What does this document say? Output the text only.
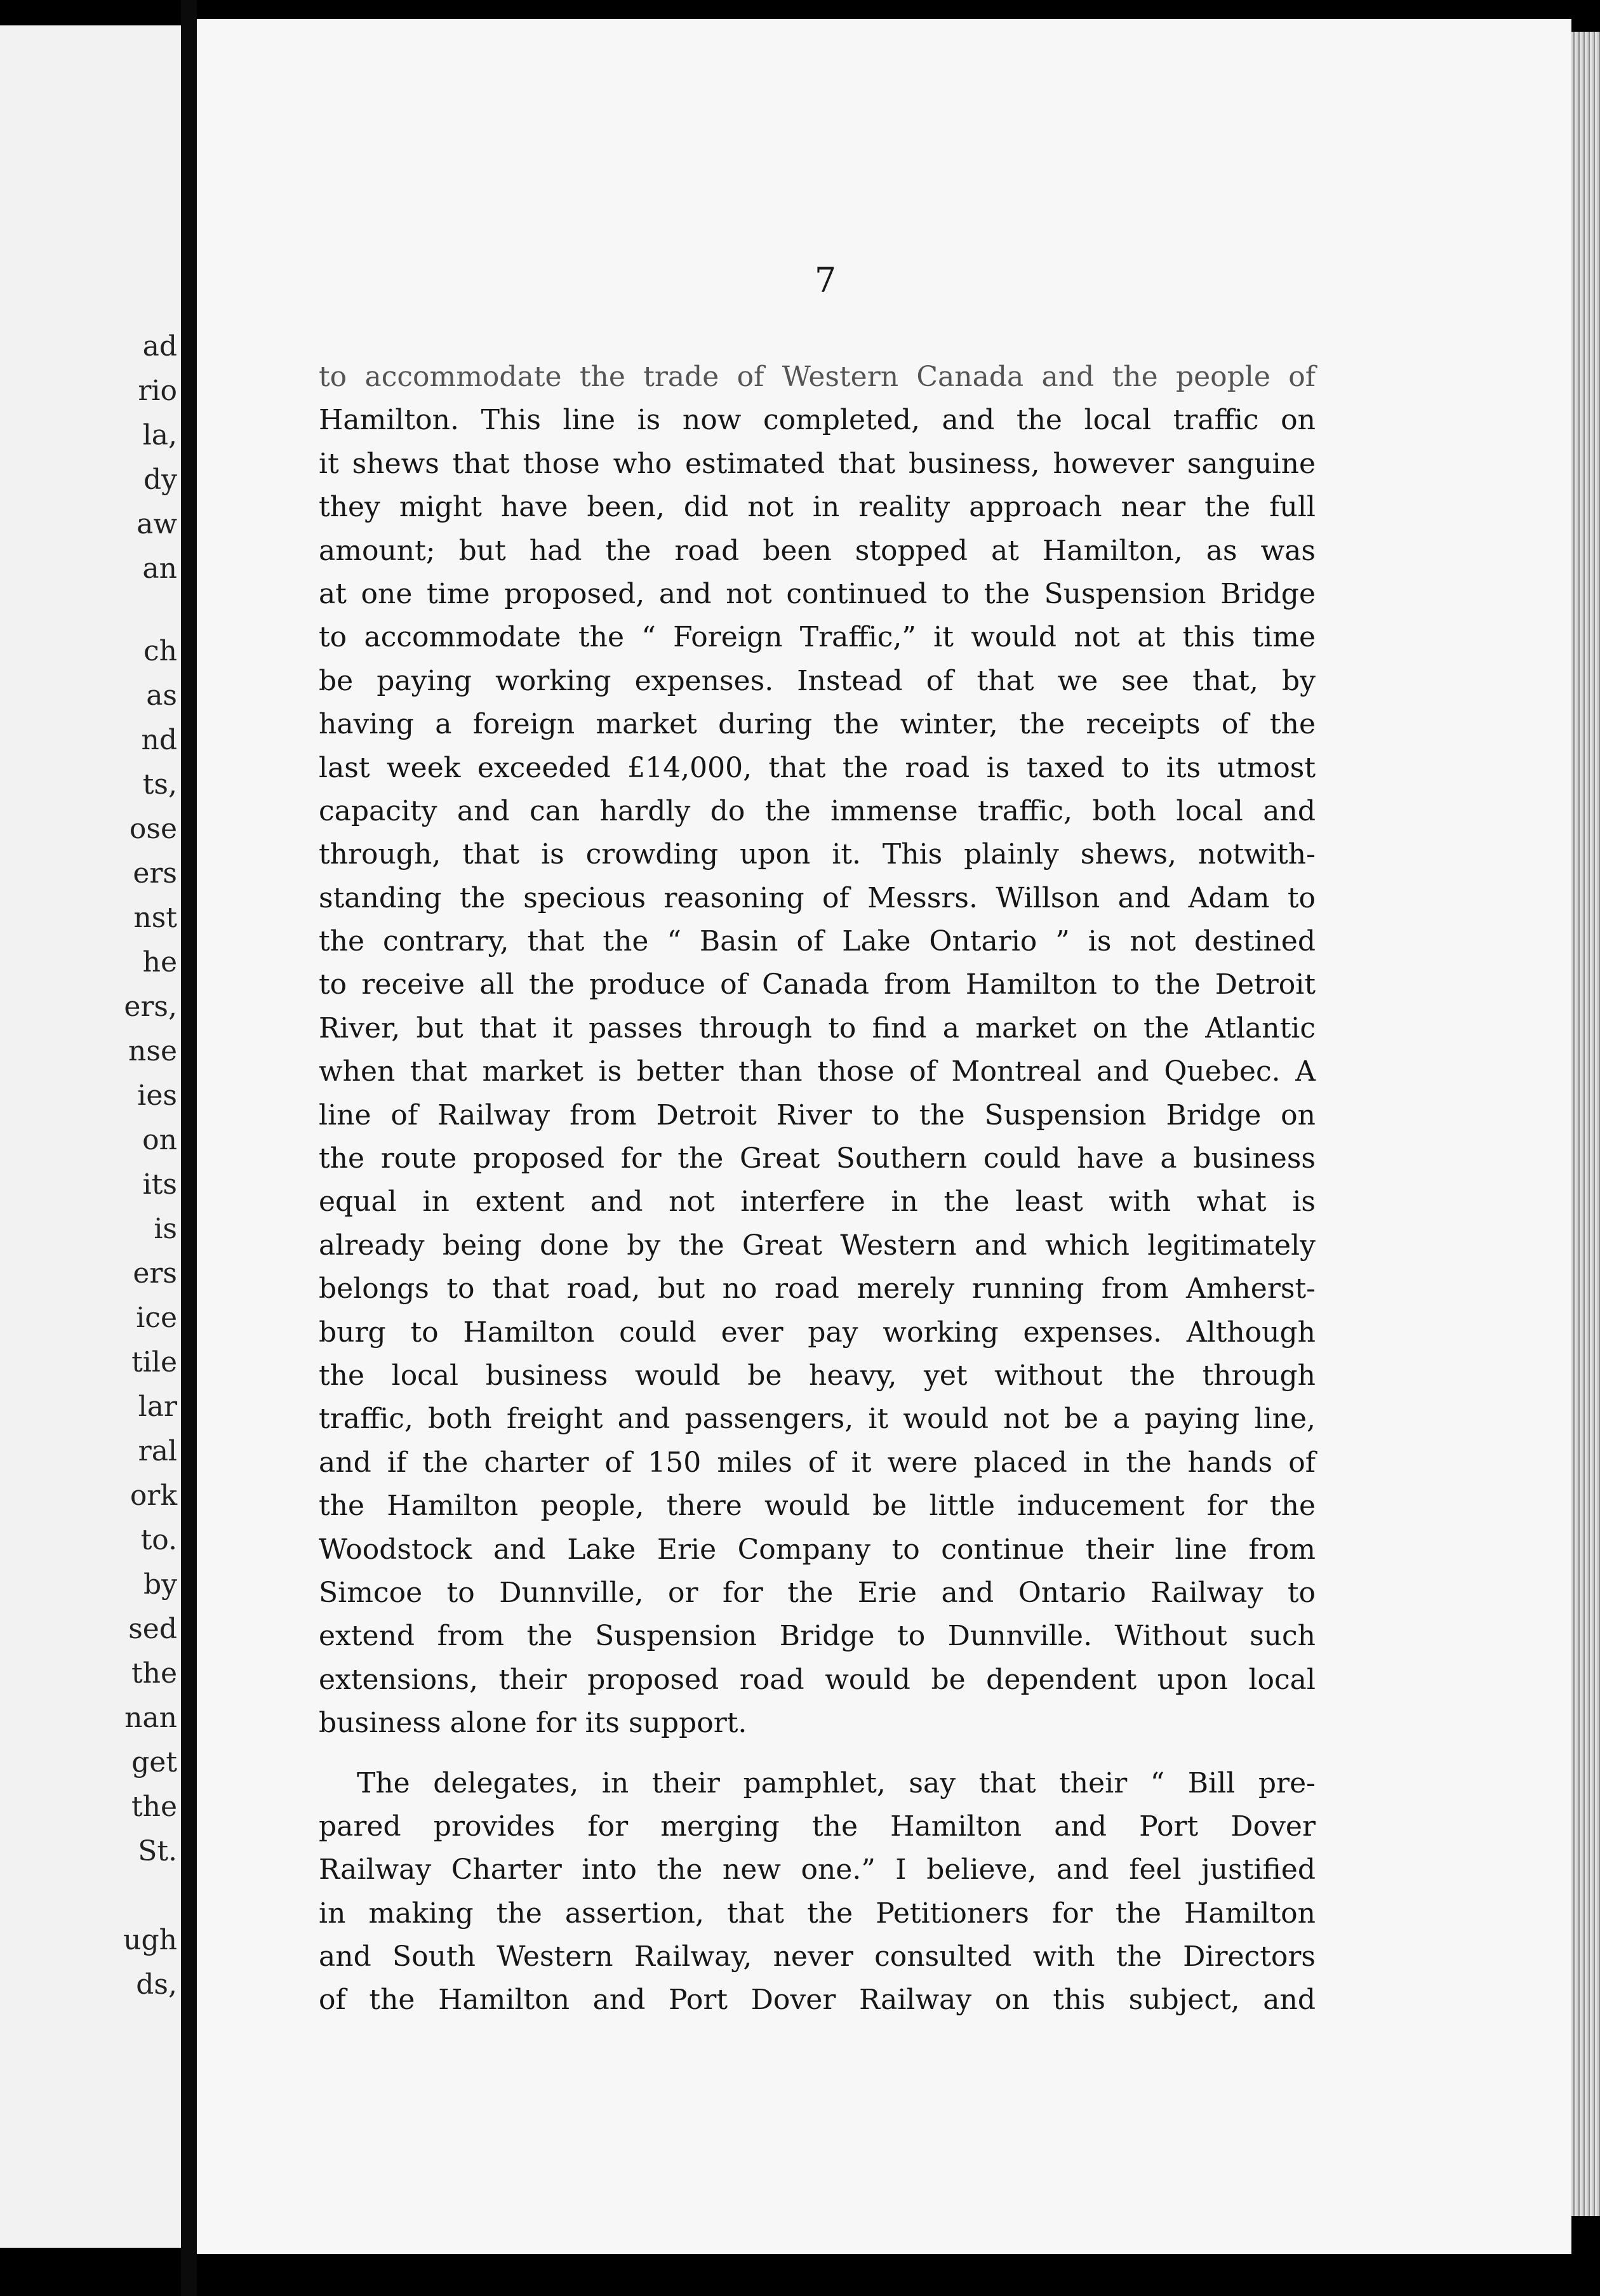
ad
rio
la,
dy
aw
an
ch
as
nd
ts,
ose
ers
nst
he
ers,
nse
ies
on
its
is
ers
ice
tile
lar
ral
ork
to.
by
sed
the
nan
get
the
St.
ugh
ds,
7
to accommodate the trade of Western Canada and the people of
Hamilton. This line is now completed, and the local traffic on
it shews that those who estimated that business, however sanguine
they might have been, did not in reality approach near the full
amount; but had the road been stopped at Hamilton, as was
at one time proposed, and not continued to the Suspension Bridge
to accommodate the “ Foreign Traffic,” it would not at this time
be paying working expenses. Instead of that we see that, by
having a foreign market during the winter, the receipts of the
last week exceeded £14,000, that the road is taxed to its utmost
capacity and can hardly do the immense traffic, both local and
through, that is crowding upon it. This plainly shews, notwith-
standing the specious reasoning of Messrs. Willson and Adam to
the contrary, that the “ Basin of Lake Ontario ” is not destined
to receive all the produce of Canada from Hamilton to the Detroit
River, but that it passes through to find a market on the Atlantic
when that market is better than those of Montreal and Quebec. A
line of Railway from Detroit River to the Suspension Bridge on
the route proposed for the Great Southern could have a business
equal in extent and not interfere in the least with what is
already being done by the Great Western and which legitimately
belongs to that road, but no road merely running from Amherst-
burg to Hamilton could ever pay working expenses. Although
the local business would be heavy, yet without the through
traffic, both freight and passengers, it would not be a paying line,
and if the charter of 150 miles of it were placed in the hands of
the Hamilton people, there would be little inducement for the
Woodstock and Lake Erie Company to continue their line from
Simcoe to Dunnville, or for the Erie and Ontario Railway to
extend from the Suspension Bridge to Dunnville. Without such
extensions, their proposed road would be dependent upon local
business alone for its support.
The delegates, in their pamphlet, say that their “ Bill pre-
pared provides for merging the Hamilton and Port Dover
Railway Charter into the new one.” I believe, and feel justified
in making the assertion, that the Petitioners for the Hamilton
and South Western Railway, never consulted with the Directors
of the Hamilton and Port Dover Railway on this subject, and
